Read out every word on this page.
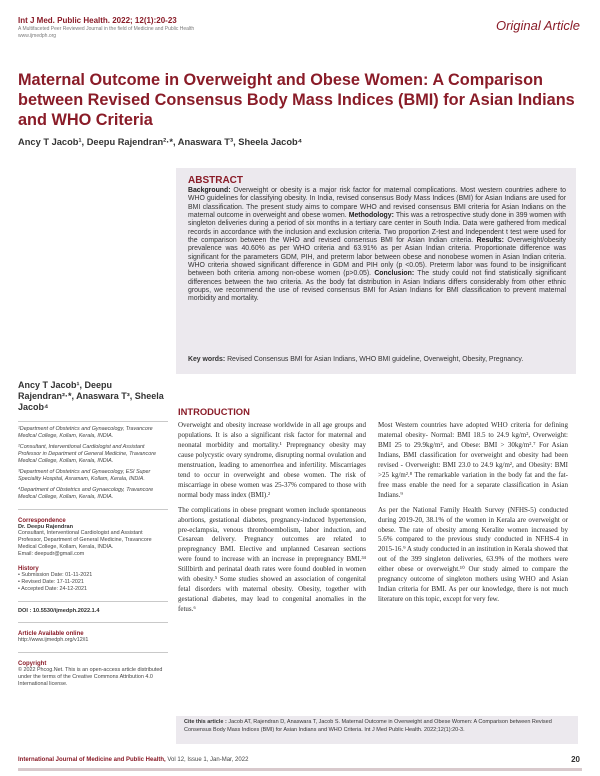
Int J Med. Public Health. 2022; 12(1):20-23
A Multifaceted Peer Reviewed Journal in the field of Medicine and Public Health
www.ijmedph.org
Original Article
Maternal Outcome in Overweight and Obese Women: A Comparison between Revised Consensus Body Mass Indices (BMI) for Asian Indians and WHO Criteria
Ancy T Jacob¹, Deepu Rajendran²·*, Anaswara T³, Sheela Jacob⁴
ABSTRACT
Background: Overweight or obesity is a major risk factor for maternal complications. Most western countries adhere to WHO guidelines for classifying obesity. In India, revised consensus Body Mass Indices (BMI) for Asian Indians are used for BMI classification. The present study aims to compare WHO and revised consensus BMI criteria for Asian Indians on the maternal outcome in overweight and obese women. Methodology: This was a retrospective study done in 399 women with singleton deliveries during a period of six months in a tertiary care center in South India. Data were gathered from medical records in accordance with the inclusion and exclusion criteria. Two proportion Z-test and Independent t test were used for the comparison between the WHO and revised consensus BMI for Asian Indian criteria. Results: Overweight/obesity prevalence was 40.60% as per WHO criteria and 63.91% as per Asian Indian criteria. Proportionate difference was significant for the parameters GDM, PIH, and preterm labor between obese and nonobese women in Asian Indian criteria. WHO criteria showed significant difference in GDM and PIH only (p <0.05). Preterm labor was found to be insignificant between both criteria among non-obese women (p>0.05). Conclusion: The study could not find statistically significant differences between the two criteria. As the body fat distribution in Asian Indians differs considerably from other ethnic groups, we recommend the use of revised consensus BMI for Asian Indians for BMI classification to prevent maternal morbidity and mortality.
Key words: Revised Consensus BMI for Asian Indians, WHO BMI guideline, Overweight, Obesity, Pregnancy.
Ancy T Jacob¹, Deepu Rajendran²·*, Anaswara T³, Sheela Jacob⁴
¹Department of Obstetrics and Gynaecology, Travancore Medical College, Kollam, Kerala, INDIA.
²Consultant, Interventional Cardiologist and Assistant Professor in Department of General Medicine, Travancore Medical College, Kollam, Kerala, INDIA.
³Department of Obstetrics and Gynaecology, ESI Super Speciality Hospital, Asramam, Kollam, Kerala, INDIA.
⁴Department of Obstetrics and Gynaecology, Travancore Medical College, Kollam, Kerala, INDIA.
Correspondence
Dr. Deepu Rajendran
Consultant, Interventional Cardiologist and Assistant Professor, Department of General Medicine, Travancore Medical College, Kollam, Kerala, INDIA.
Email: deepudr@gmail.com
History
• Submission Date: 01-11-2021
• Revised Date: 17-11-2021
• Accepted Date: 24-12-2021
DOI : 10.5530/ijmedph.2022.1.4
Article Available online
http://www.ijmedph.org/v12/i1
Copyright
© 2022 Phcog.Net. This is an open-access article distributed under the terms of the Creative Commons Attribution 4.0 International license.
INTRODUCTION

Overweight and obesity increase worldwide in all age groups and populations. It is also a significant risk factor for maternal and neonatal morbidity and mortality.¹ Prepregnancy obesity may cause polycystic ovary syndrome, disrupting normal ovulation and menstruation, leading to amenorrhea and infertility. Miscarriages tend to occur in overweight and obese women. The risk of miscarriage in obese women was 25-37% compared to those with normal body mass index (BMI).²

The complications in obese pregnant women include spontaneous abortions, gestational diabetes, pregnancy-induced hypertension, pre-eclampsia, venous thromboembolism, labor induction, and Cesarean delivery. Pregnancy outcomes are related to prepregnancy BMI. Elective and unplanned Cesarean sections were found to increase with an increase in prepregnancy BMI.³⁴ Stillbirth and perinatal death rates were found doubled in women with obesity.⁵ Some studies showed an association of congenital fetal disorders with maternal obesity. Obesity, together with gestational diabetes, may lead to congenital anomalies in the fetus.⁶

Most Western countries have adopted WHO criteria for defining maternal obesity- Normal: BMI 18.5 to 24.9 kg/m², Overweight: BMI 25 to 29.9kg/m², and Obese: BMI > 30kg/m².⁷ For Asian Indians, BMI classification for overweight and obesity had been revised - Overweight: BMI 23.0 to 24.9 kg/m², and Obesity: BMI >25 kg/m².⁸ The remarkable variation in the body fat and the fat-free mass enable the need for a separate classification in Asian Indians.⁹

As per the National Family Health Survey (NFHS-5) conducted during 2019-20, 38.1% of the women in Kerala are overweight or obese. The rate of obesity among Keralite women increased by 5.6% compared to the previous study conducted in NFHS-4 in 2015-16.⁹ A study conducted in an institution in Kerala showed that out of the 399 singleton deliveries, 63.9% of the mothers were either obese or overweight.¹⁰ Our study aimed to compare the pregnancy outcome of singleton mothers using WHO and Asian Indian criteria for BMI. As per our knowledge, there is not much literature on this topic, except for very few.

Cite this article : Jacob AT, Rajendran D, Anaswara T, Jacob S. Maternal Outcome in Overweight and Obese Women: A Comparison between Revised Consensus Body Mass Indices (BMI) for Asian Indians and WHO Criteria. Int J Med Public Health. 2022;12(1):20-3.
International Journal of Medicine and Public Health, Vol 12, Issue 1, Jan-Mar, 2022	20
